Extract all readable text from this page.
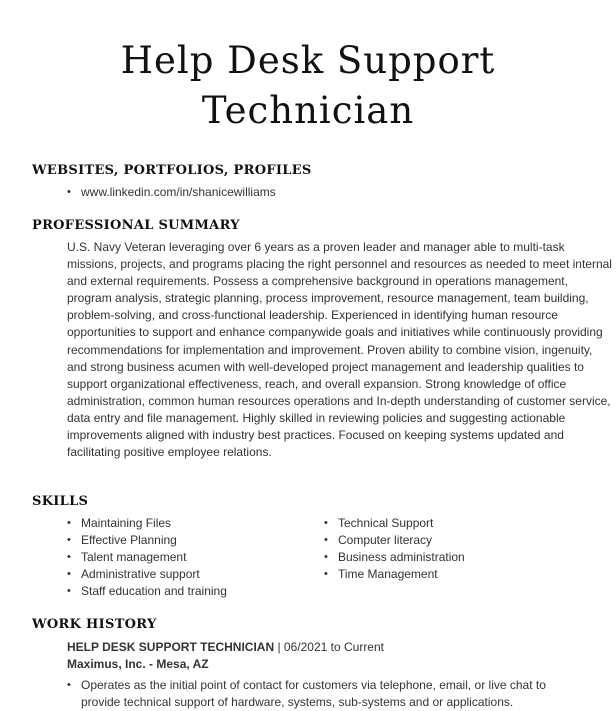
Help Desk Support
Technician
WEBSITES, PORTFOLIOS, PROFILES
• www.linkedin.com/in/shanicewilliams
PROFESSIONAL SUMMARY

U.S. Navy Veteran leveraging over 6 years as a proven leader and manager able to multi-task missions, projects, and programs placing the right personnel and resources as needed to meet internal and external requirements. Possess a comprehensive background in operations management, program analysis, strategic planning, process improvement, resource management, team building, problem-solving, and cross-functional leadership. Experienced in identifying human resource opportunities to support and enhance companywide goals and initiatives while continuously providing recommendations for implementation and improvement. Proven ability to combine vision, ingenuity, and strong business acumen with well-developed project management and leadership qualities to support organizational effectiveness, reach, and overall expansion. Strong knowledge of office administration, common human resources operations and In-depth understanding of customer service, data entry and file management. Highly skilled in reviewing policies and suggesting actionable improvements aligned with industry best practices. Focused on keeping systems updated and facilitating positive employee relations.

SKILLS
• Maintaining Files
• Effective Planning
• Talent management
• Administrative support
• Staff education and training
• Technical Support
• Computer literacy
• Business administration
• Time Management
WORK HISTORY
HELP DESK SUPPORT TECHNICIAN | 06/2021 to Current
Maximus, Inc. - Mesa, AZ
• Operates as the initial point of contact for customers via telephone, email, or live chat to provide technical support of hardware, systems, sub-systems and or applications.
